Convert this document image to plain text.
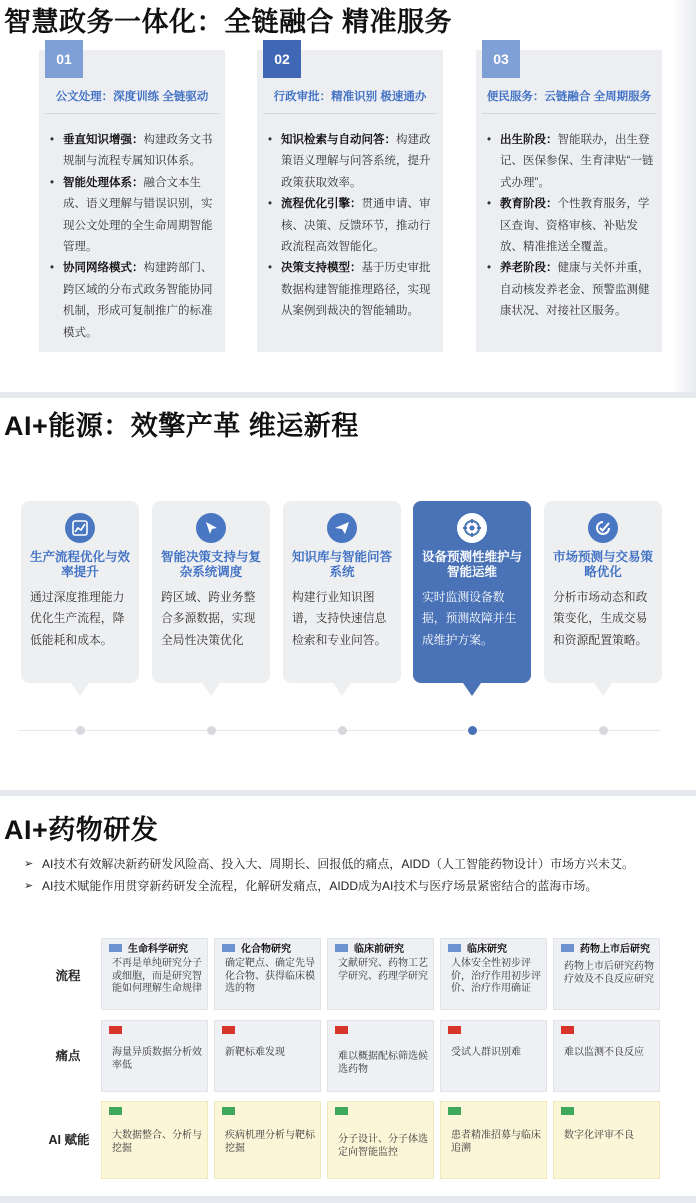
智慧政务一体化：全链融合 精准服务
01
公文处理：深度训练 全链驱动
• 垂直知识增强：构建政务文书规制与流程专属知识体系。
• 智能处理体系：融合文本生成、语义理解与错误识别，实现公文处理的全生命周期智能管理。
• 协同网络模式：构建跨部门、跨区域的分布式政务智能协同机制，形成可复制推广的标准模式。
02
行政审批：精准识别 极速通办
• 知识检索与自动问答：构建政策语义理解与问答系统，提升政策获取效率。
• 流程优化引擎：贯通申请、审核、决策、反馈环节，推动行政流程高效智能化。
• 决策支持模型：基于历史审批数据构建智能推理路径，实现从案例到裁决的智能辅助。
03
便民服务：云链融合 全周期服务
• 出生阶段：智能联办，出生登记、医保参保、生育津贴“一链式办理”。
• 教育阶段：个性教育服务，学区查询、资格审核、补贴发放、精准推送全覆盖。
• 养老阶段：健康与关怀并重，自动核发养老金、预警监测健康状况、对接社区服务。
AI+能源：效擎产革 维运新程
生产流程优化与效率提升
通过深度推理能力优化生产流程，降低能耗和成本。
智能决策支持与复杂系统调度
跨区域、跨业务整合多源数据，实现全局性决策优化
知识库与智能问答系统
构建行业知识图谱，支持快速信息检索和专业问答。
设备预测性维护与智能运维
实时监测设备数据，预测故障并生成维护方案。
市场预测与交易策略优化
分析市场动态和政策变化，生成交易和资源配置策略。
AI+药物研发
➢ AI技术有效解决新药研发风险高、投入大、周期长、回报低的痛点，AIDD（人工智能药物设计）市场方兴未艾。
➢ AI技术赋能作用贯穿新药研发全流程，化解研发痛点，AIDD成为AI技术与医疗场景紧密结合的蓝海市场。
流程
痛点
AI 赋能
生命科学研究
不再是单纯研究分子或细胞，而是研究智能如何理解生命规律
化合物研究
确定靶点、确定先导化合物、获得临床模选的物
临床前研究
文献研究、药物工艺学研究、药理学研究
临床研究
人体安全性初步评价，治疗作用初步评价、治疗作用确证
药物上市后研究
药物上市后研究药物疗效及不良反应研究
海量异质数据分析效率低
新靶标难发现	难以概据配标筛选候选药物
受试人群识别难	难以监测不良反应
大数据整合、分析与挖掘
疾病机理分析与靶标挖掘
分子设计、分子体选定向智能监控
患者精准招募与临床追溯
数字化评审不良
